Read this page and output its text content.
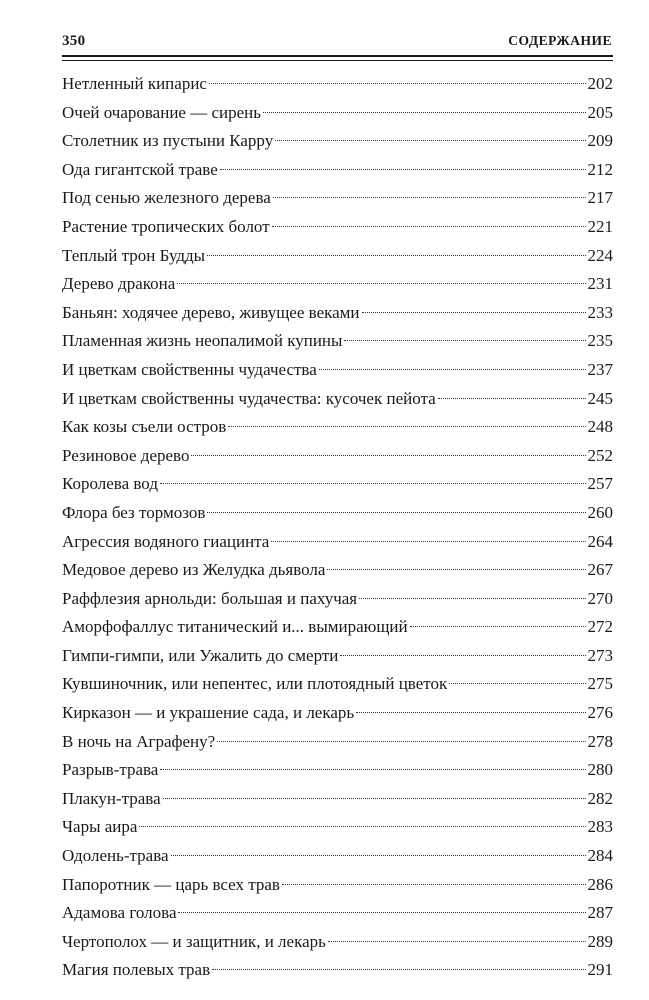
350	СОДЕРЖАНИЕ
Нетленный кипарис	202
Очей очарование — сирень	205
Столетник из пустыни Карру	209
Ода гигантской траве	212
Под сенью железного дерева	217
Растение тропических болот	221
Теплый трон Будды	224
Дерево дракона	231
Баньян: ходячее дерево, живущее веками	233
Пламенная жизнь неопалимой купины	235
И цветкам свойственны чудачества	237
И цветкам свойственны чудачества: кусочек пейота	245
Как козы съели остров	248
Резиновое дерево	252
Королева вод	257
Флора без тормозов	260
Агрессия водяного гиацинта	264
Медовое дерево из Желудка дьявола	267
Раффлезия арнольди: большая и пахучая	270
Аморфофаллус титанический и... вымирающий	272
Гимпи-гимпи, или Ужалить до смерти	273
Кувшиночник, или непентес, или плотоядный цветок	275
Кирказон — и украшение сада, и лекарь	276
В ночь на Аграфену?	278
Разрыв-трава	280
Плакун-трава	282
Чары аира	283
Одолень-трава	284
Папоротник — царь всех трав	286
Адамова голова	287
Чертополох — и защитник, и лекарь	289
Магия полевых трав	291
